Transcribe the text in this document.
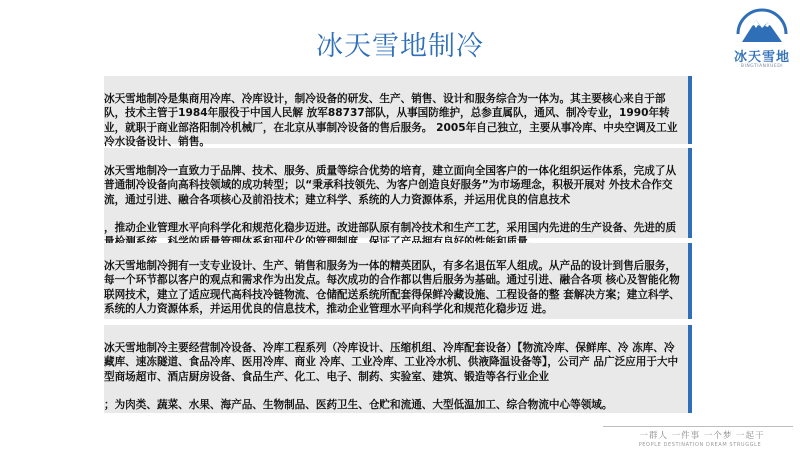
冰天雪地制冷	冰天雪地
BINGTIANXUEDI

冰天雪地制冷是集商用冷库、冷库设计，制冷设备的研发、生产、销售、设计和服务综合为一体为。其主要核心来自于部队，技术主管于1984年服役于中国人民解 放军88737部队，从事国防维护，总参直属队，通风、制冷专业，1990年转业，就职于商业部洛阳制冷机械厂，在北京从事制冷设备的售后服务。 2005年自己独立，主要从事冷库、中央空调及工业冷水设备设计、销售。

冰天雪地制冷一直致力于品牌、技术、服务、质量等综合优势的培育，建立面向全国客户的一体化组织运作体系，完成了从普通制冷设备向高科技领域的成功转型；以“秉承科技领先、为客户创造良好服务”为市场理念，积极开展对 外技术合作交流，通过引进、融合各项核心及前沿技术；建立科学、系统的人力资源体系，并运用优良的信息技术

，推动企业管理水平向科学化和规范化稳步迈进。改进部队原有制冷技术和生产工艺，采用国内先进的生产设备、先进的质

冰天雪地制冷拥有一支专业设计、生产、销售和服务为一体的精英团队，有多名退伍军人组成。从产品的设计到售后服务，每一个环节都以客户的观点和需求作为出发点。每次成功的合作都以售后服务为基础。通过引进、融合各项 核心及智能化物联网技术，建立了适应现代高科技冷链物流、仓储配送系统所配套得保鲜冷藏设施、工程设备的整 套解决方案；建立科学、系统的人力资源体系，并运用优良的信息技术，推动企业管理水平向科学化和规范化稳步迈 进。

冰天雪地制冷主要经营制冷设备、冷库工程系列（冷库设计、压缩机组、冷库配套设备）【物流冷库、保鲜库、冷 冻库、冷藏库、速冻隧道、食品冷库、医用冷库、商业 冷库、工业冷库、工业冷水机、供液降温设备等】，公司产 品广泛应用于大中型商场超市、酒店厨房设备、食品生产、化工、电子、制药、实验室、建筑、锻造等各行业企业

；为肉类、蔬菜、水果、海产品、生物制品、医药卫生、仓贮和流通、大型低温加工、综合物流中心等领域。

一群人 一件事 一个梦 一起干
PEOPLE DESTINATION DREAM STRUGGLE
